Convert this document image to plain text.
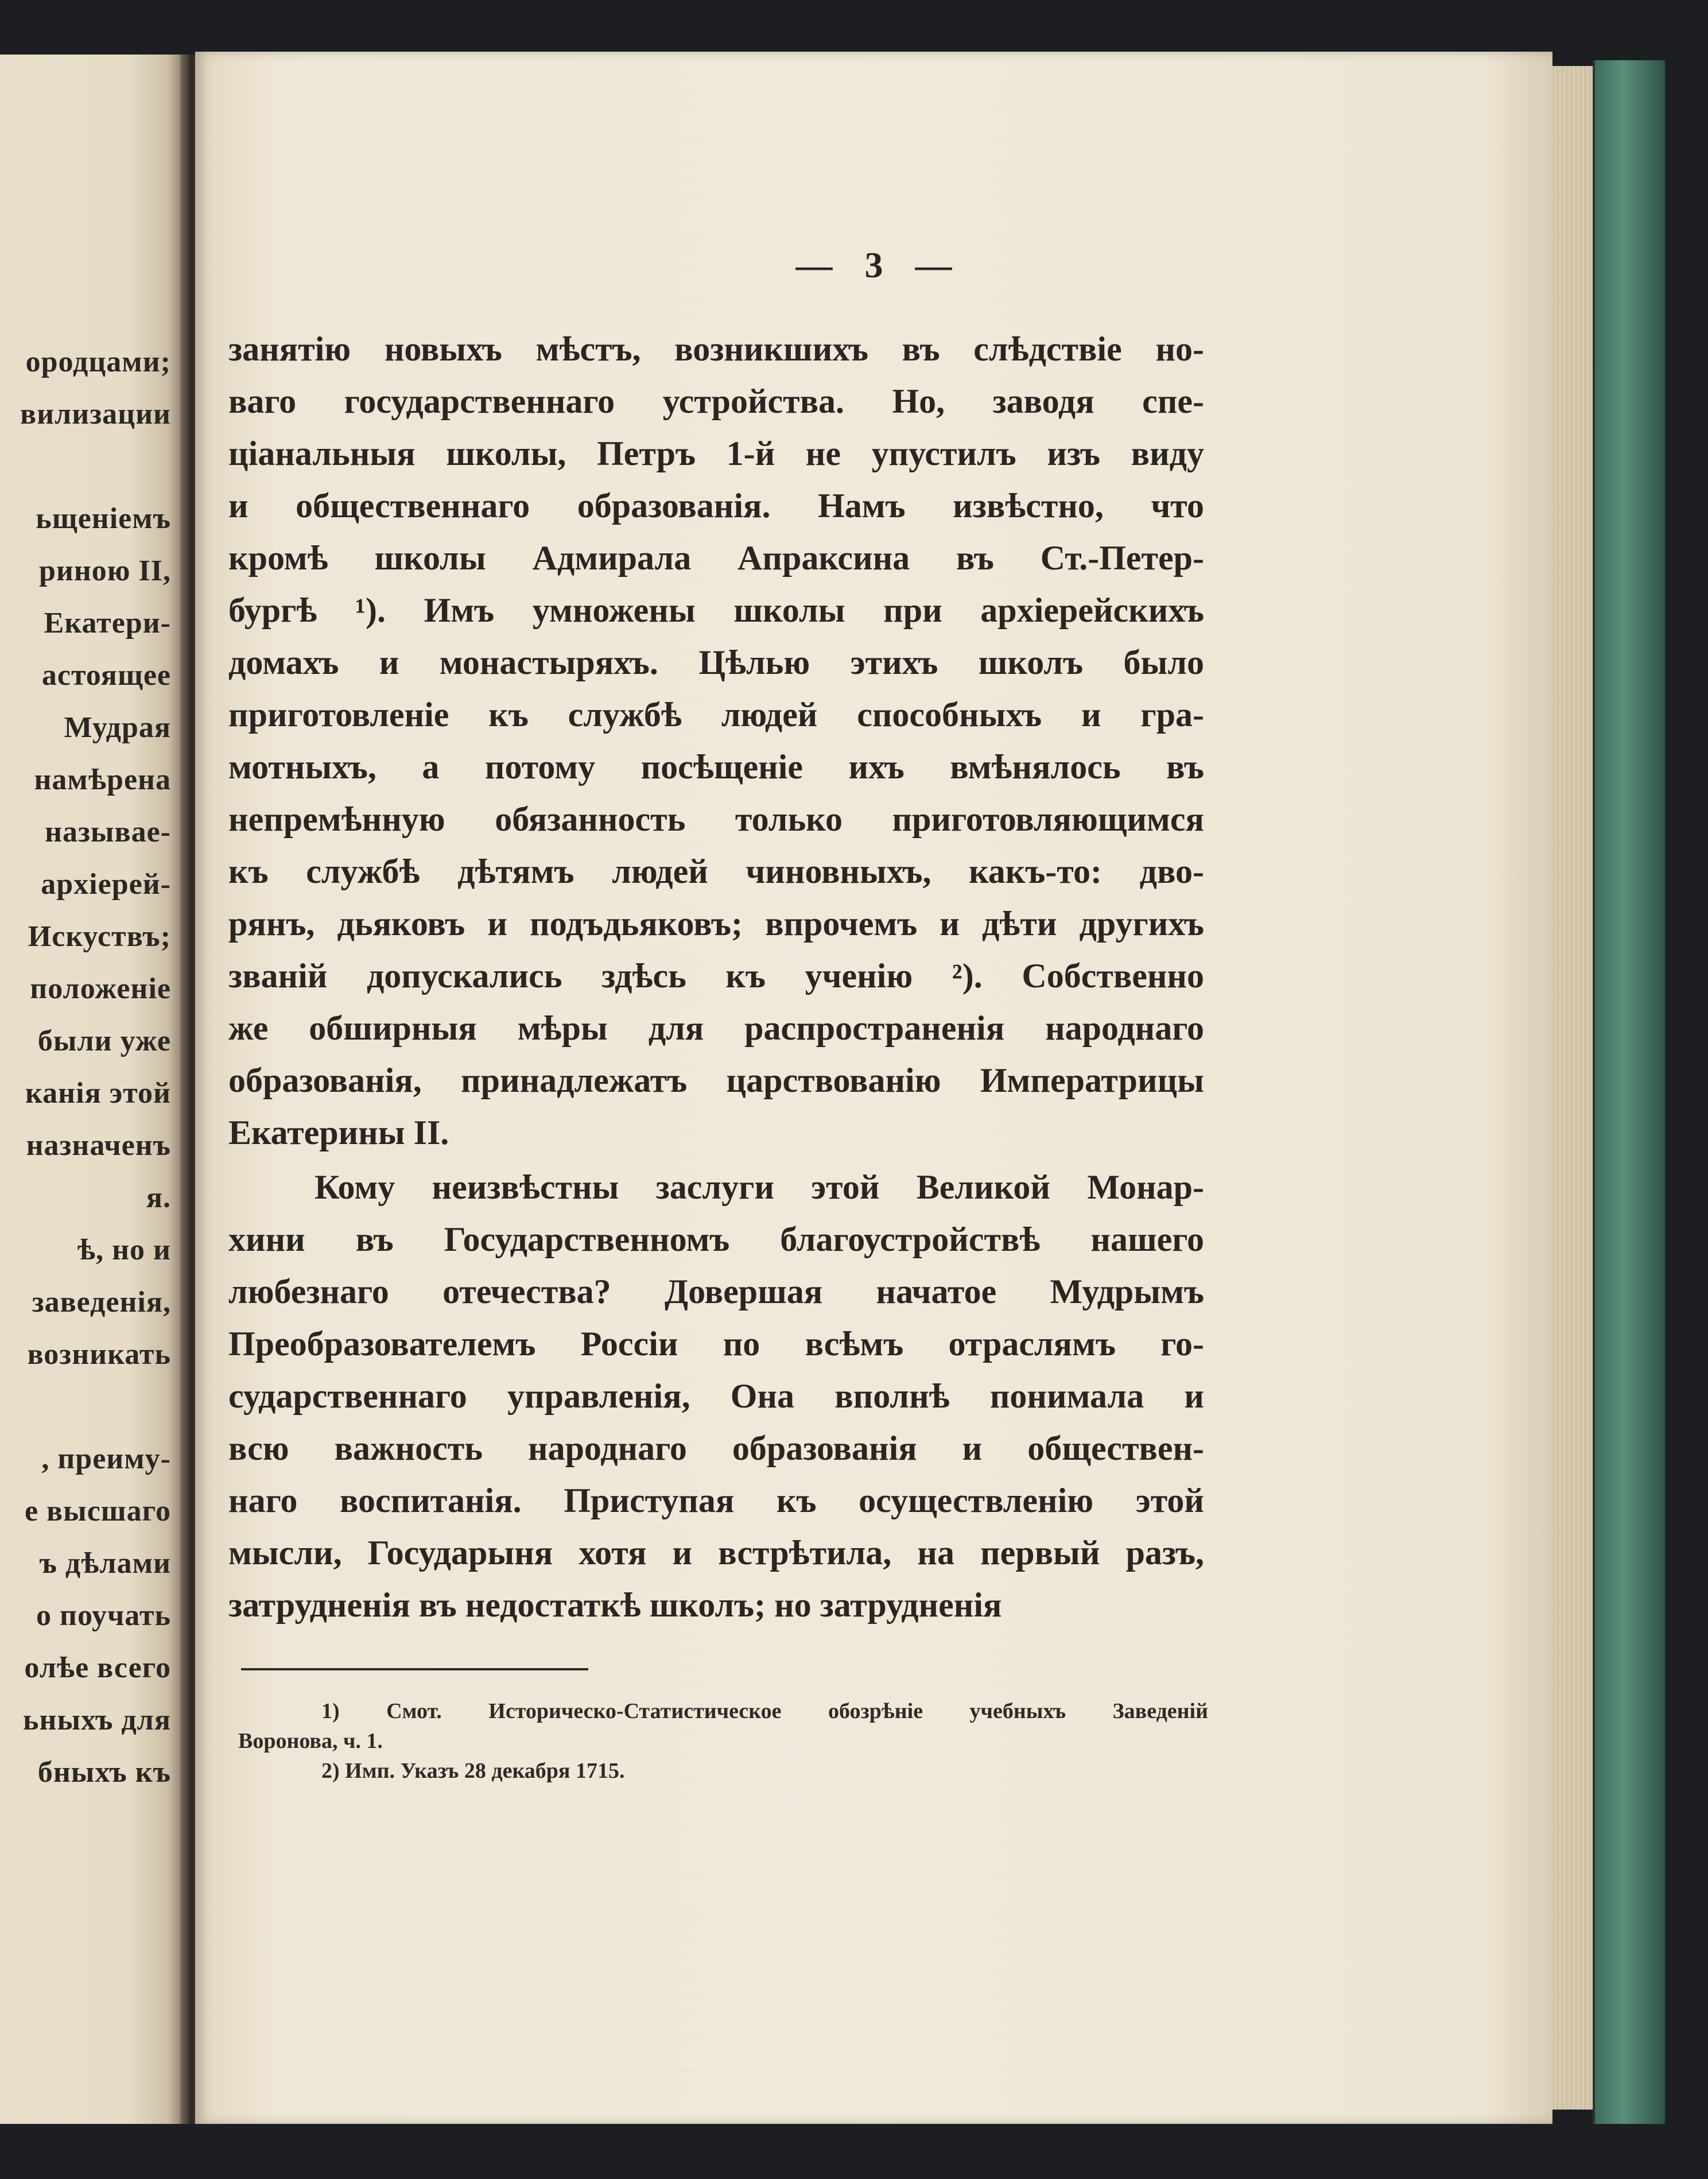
ородцами;
вилизации
ьщеніемъ
риною II,
Екатери-
астоящее
Мудрая
намѣрена
называе-
архіерей-
Искуствъ;
положеніе
были уже
канія этой
назначенъ
я.
ѣ, но и
заведенія,
возникать
, преиму-
е высшаго
ъ дѣлами
о поучать
олѣе всего
ьныхъ для
бныхъ къ
— 3 —
занятію новыхъ мѣстъ, возникшихъ въ слѣдствіе но-
ваго государственнаго устройства. Но, заводя спе-
ціанальныя школы, Петръ 1-й не упустилъ изъ виду
и общественнаго образованія. Намъ извѣстно, что
кромѣ школы Адмирала Апраксина въ Ст.-Петер-
бургѣ ¹). Имъ умножены школы при архіерейскихъ
домахъ и монастыряхъ. Цѣлью этихъ школъ было
приготовленіе къ службѣ людей способныхъ и гра-
мотныхъ, а потому посѣщеніе ихъ вмѣнялось въ
непремѣнную обязанность только приготовляющимся
къ службѣ дѣтямъ людей чиновныхъ, какъ-то: дво-
рянъ, дьяковъ и подъдьяковъ; впрочемъ и дѣти другихъ
званій допускались здѣсь къ ученію ²). Собственно
же обширныя мѣры для распространенія народнаго
образованія, принадлежатъ царствованію Императрицы
Екатерины II.
Кому неизвѣстны заслуги этой Великой Монар-
хини въ Государственномъ благоустройствѣ нашего
любезнаго отечества? Довершая начатое Мудрымъ
Преобразователемъ Россіи по всѣмъ отраслямъ го-
сударственнаго управленія, Она вполнѣ понимала и
всю важность народнаго образованія и обществен-
наго воспитанія. Приступая къ осуществленію этой
мысли, Государыня хотя и встрѣтила, на первый разъ,
затрудненія въ недостаткѣ школъ; но затрудненія
1) Смот. Историческо-Статистическое обозрѣніе учебныхъ Заведеній
Воронова, ч. 1.
2) Имп. Указъ 28 декабря 1715.
